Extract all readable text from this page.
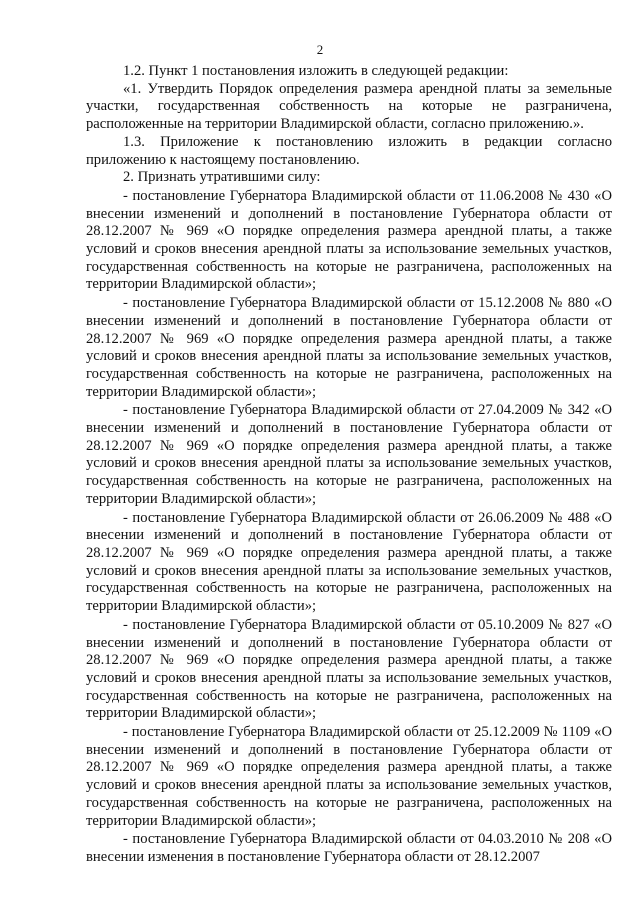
2

1.2. Пункт 1 постановления изложить в следующей редакции:

«1. Утвердить Порядок определения размера арендной платы за земельные участки, государственная собственность на которые не разграничена, расположенные на территории Владимирской области, согласно приложению.».

1.3. Приложение к постановлению изложить в редакции согласно приложению к настоящему постановлению.

2. Признать утратившими силу:

- постановление Губернатора Владимирской области от 11.06.2008 № 430 «О внесении изменений и дополнений в постановление Губернатора области от 28.12.2007 № 969 «О порядке определения размера арендной платы, а также условий и сроков внесения арендной платы за использование земельных участков, государственная собственность на которые не разграничена, расположенных на территории Владимирской области»;

- постановление Губернатора Владимирской области от 15.12.2008 № 880 «О внесении изменений и дополнений в постановление Губернатора области от 28.12.2007 № 969 «О порядке определения размера арендной платы, а также условий и сроков внесения арендной платы за использование земельных участков, государственная собственность на которые не разграничена, расположенных на территории Владимирской области»;

- постановление Губернатора Владимирской области от 27.04.2009 № 342 «О внесении изменений и дополнений в постановление Губернатора области от 28.12.2007 № 969 «О порядке определения размера арендной платы, а также условий и сроков внесения арендной платы за использование земельных участков, государственная собственность на которые не разграничена, расположенных на территории Владимирской области»;

- постановление Губернатора Владимирской области от 26.06.2009 № 488 «О внесении изменений и дополнений в постановление Губернатора области от 28.12.2007 № 969 «О порядке определения размера арендной платы, а также условий и сроков внесения арендной платы за использование земельных участков, государственная собственность на которые не разграничена, расположенных на территории Владимирской области»;

- постановление Губернатора Владимирской области от 05.10.2009 № 827 «О внесении изменений и дополнений в постановление Губернатора области от 28.12.2007 № 969 «О порядке определения размера арендной платы, а также условий и сроков внесения арендной платы за использование земельных участков, государственная собственность на которые не разграничена, расположенных на территории Владимирской области»;

- постановление Губернатора Владимирской области от 25.12.2009 № 1109 «О внесении изменений и дополнений в постановление Губернатора области от 28.12.2007 № 969 «О порядке определения размера арендной платы, а также условий и сроков внесения арендной платы за использование земельных участков, государственная собственность на которые не разграничена, расположенных на территории Владимирской области»;

- постановление Губернатора Владимирской области от 04.03.2010 № 208 «О внесении изменения в постановление Губернатора области от 28.12.2007
